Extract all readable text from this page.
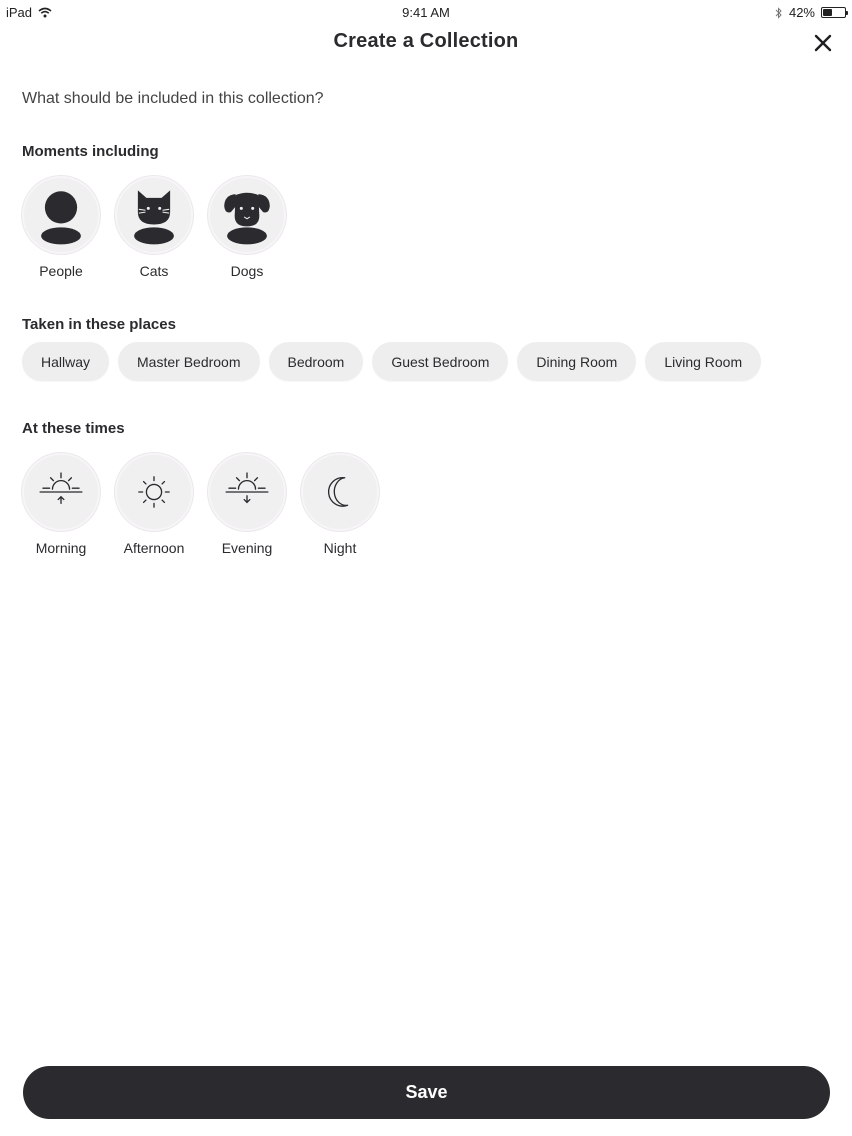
iPad	9:41 AM	42%
Create a Collection
What should be included in this collection?
Moments including
People	Cats	Dogs
Taken in these places
Hallway	Master Bedroom	Bedroom	Guest Bedroom	Dining Room	Living Room
At these times
Morning	Afternoon	Evening	Night
Save
